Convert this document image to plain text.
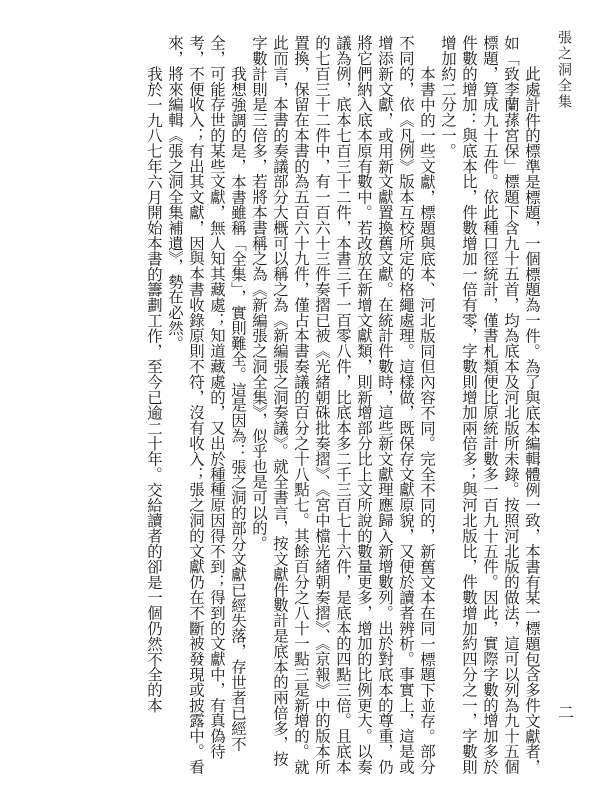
張之洞全集

此處計件的標準是標題，一個標題為一件。為了與底本編輯體例一致，本書有某一標題包含多件文獻者，如「致李蘭蓀宮保」標題下含九十五首，均為底本及河北版所未錄。按照河北版的做法，這可以列為九十五個標題，算成九十五件。依此種口徑統計，僅書札類便比原統計數多一百九十五件。因此，實際字數的增加多於件數的增加：與底本比，件數增加一倍有零，字數則增加兩倍多；與河北版比，件數增加約四分之一，字數則增加約二分之一。

本書中的一些文獻，標題與底本、河北版同但內容不同。完全不同的，新舊文本在同一標題下並存。部分不同的，依《凡例》版本互校所定的格繩處理。這樣做，既保存文獻原貌，又便於讀者辨析。事實上，這是或增添新文獻，或用新文獻置換舊文獻。在統計件數時，這些新文獻理應歸入新增數列。出於對底本的尊重，仍將它們納入底本原有數中。若改放在新增文獻類，則新增部分比上文所說的數量更多，增加的比例更大。以奏議為例，底本七百三十二件，本書三千一百零八件，比底本多二千三百七十六件，是底本的四點三倍。且底本的七百三十二件中，有一百六十三件奏摺已被《光緒朝硃批奏摺》、《宮中檔光緒朝奏摺》、《京報》中的版本所置換，保留在本書的為五百六十九件，僅占本書奏議的百分之十八點七。其餘百分之八十一點三是新增的。就此而言，本書的奏議部分大概可以稱之為《新編張之洞奏議》。就全書言，按文獻件數計是底本的兩倍多，按字數計則是三倍多，若將本書稱之為《新編張之洞全集》，似乎也是可以的。

我想強調的是，本書雖稱「全集」，實則難全。這是因為：張之洞的部分文獻已經失落，存世者已經不全，可能存世的某些文獻，無人知其藏處；知道藏處的，又出於種種原因得不到；得到的文獻中，有真偽待考，不便收入；有出其文獻，因與本書收錄原則不符，沒有收入；張之洞的文獻仍在不斷被發現或披露中。看來，將來編輯《張之洞全集補遺》，勢在必然。

我於一九八七年六月開始本書的籌劃工作，至今已逾二十年。交給讀者的卻是一個仍然不全的本	二
